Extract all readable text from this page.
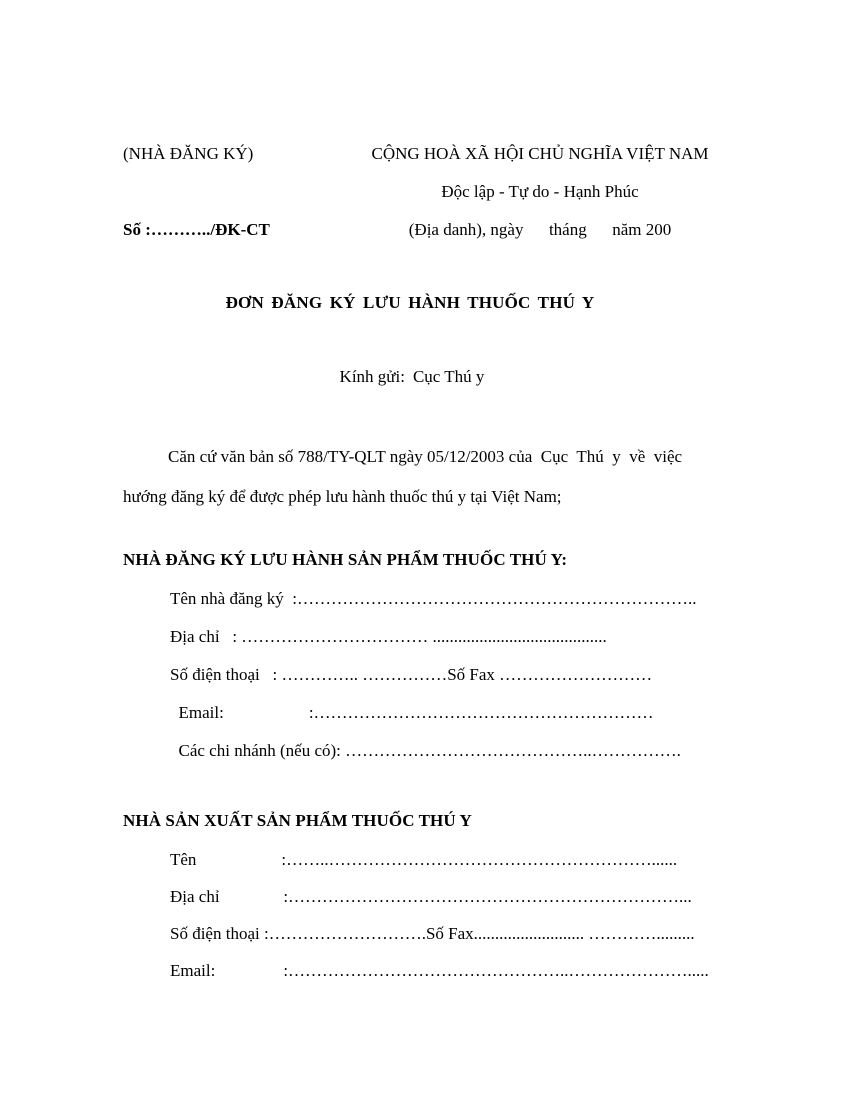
(NHÀ ĐĂNG KÝ)	CỘNG HOÀ XÃ HỘI CHỦ NGHĨA VIỆT NAM
Độc lập - Tự do - Hạnh Phúc
Số :………../ĐK-CT	(Địa danh), ngày      tháng      năm 200
ĐƠN ĐĂNG KÝ LƯU HÀNH THUỐC THÚ Y
Kính gửi: Cục Thú y
Căn cứ văn bản số 788/TY-QLT ngày 05/12/2003 của  Cục  Thú  y  về  việc
hướng đăng ký để được phép lưu hành thuốc thú y tại Việt Nam;
NHÀ ĐĂNG KÝ LƯU HÀNH SẢN PHẨM THUỐC THÚ Y:
Tên nhà đăng ký  :……………………………………………………………..
Địa chỉ   : …………………………… .........................................
Số điện thoại   : ………….. ……………Số Fax ………………………
Email:                    :……………………………………………………
Các chi nhánh (nếu có): ……………………………………..…………….
NHÀ SẢN XUẤT SẢN PHẨM THUỐC THÚ Y
Tên                    :……..…………………………………………………......
Địa chỉ               :……………………………………………………………...
Số điện thoại :……………………….Số Fax.......................... ………….........
Email:                :…………………………………………..………………….....
